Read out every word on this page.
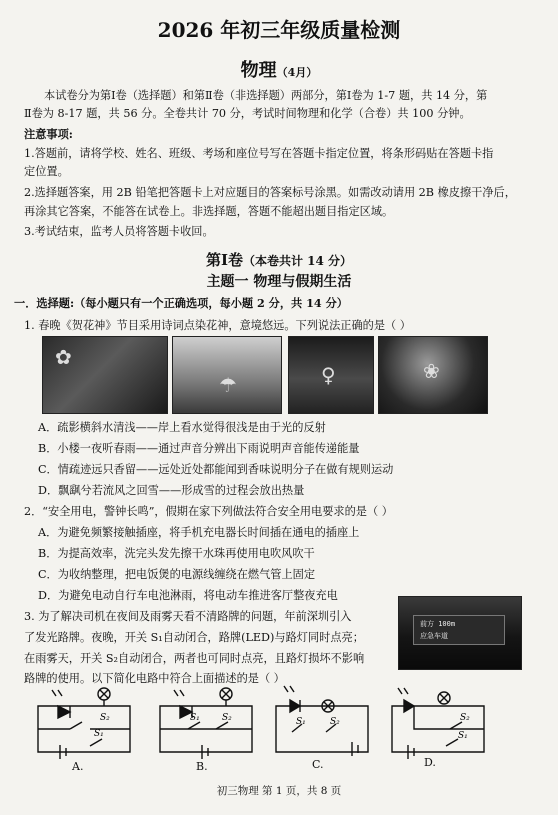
2026 年初三年级质量检测
物理（4月）
本试卷分为第Ⅰ卷（选择题）和第Ⅱ卷（非选择题）两部分，第Ⅰ卷为 1-7 题，共 14 分，第
Ⅱ卷为 8-17 题，共 56 分。全卷共计 70 分，考试时间物理和化学（合卷）共 100 分钟。
注意事项:
1.答题前，请将学校、姓名、班级、考场和座位号写在答题卡指定位置，将条形码贴在答题卡指
定位置。
2.选择题答案，用 2B 铅笔把答题卡上对应题目的答案标号涂黑。如需改动请用 2B 橡皮擦干净后，
再涂其它答案，不能答在试卷上。非选择题，答题不能超出题目指定区域。
3.考试结束，监考人员将答题卡收回。
第Ⅰ卷（本卷共计 14 分）
主题一 物理与假期生活
一．选择题:（每小题只有一个正确选项，每小题 2 分，共 14 分）
1. 春晚《贺花神》节目采用诗词点染花神，意境悠远。下列说法正确的是（ ）
✿
☂	♀	❀
A．疏影横斜水清浅——岸上看水觉得很浅是由于光的反射
B．小楼一夜听春雨——通过声音分辨出下雨说明声音能传递能量
C．情疏迹远只香留——远处近处都能闻到香味说明分子在做有规则运动
D．飘飖兮若流风之回雪——形成雪的过程会放出热量
2．“安全用电，警钟长鸣”，假期在家下列做法符合安全用电要求的是（ ）
A．为避免频繁接触插座，将手机充电器长时间插在通电的插座上
B．为提高效率，洗完头发先擦干水珠再使用电吹风吹干
C．为收纳整理，把电饭煲的电源线缠绕在燃气管上固定
D．为避免电动自行车电池淋雨，将电动车推进客厅整夜充电
3. 为了解决司机在夜间及雨雾天看不清路牌的问题，年前深圳引入
了发光路牌。夜晚，开关 S₁自动闭合，路牌(LED)与路灯同时点亮；
在雨雾天，开关 S₂自动闭合，两者也可同时点亮，且路灯损坏不影响
路牌的使用。以下简化电路中符合上面描述的是（ ）
前方 100m
应急车道
S₂
S₁
S₁ S₂	S₁	S₂	S₂
S₁
A.	B.	C.	D.
初三物理 第 1 页，共 8 页
